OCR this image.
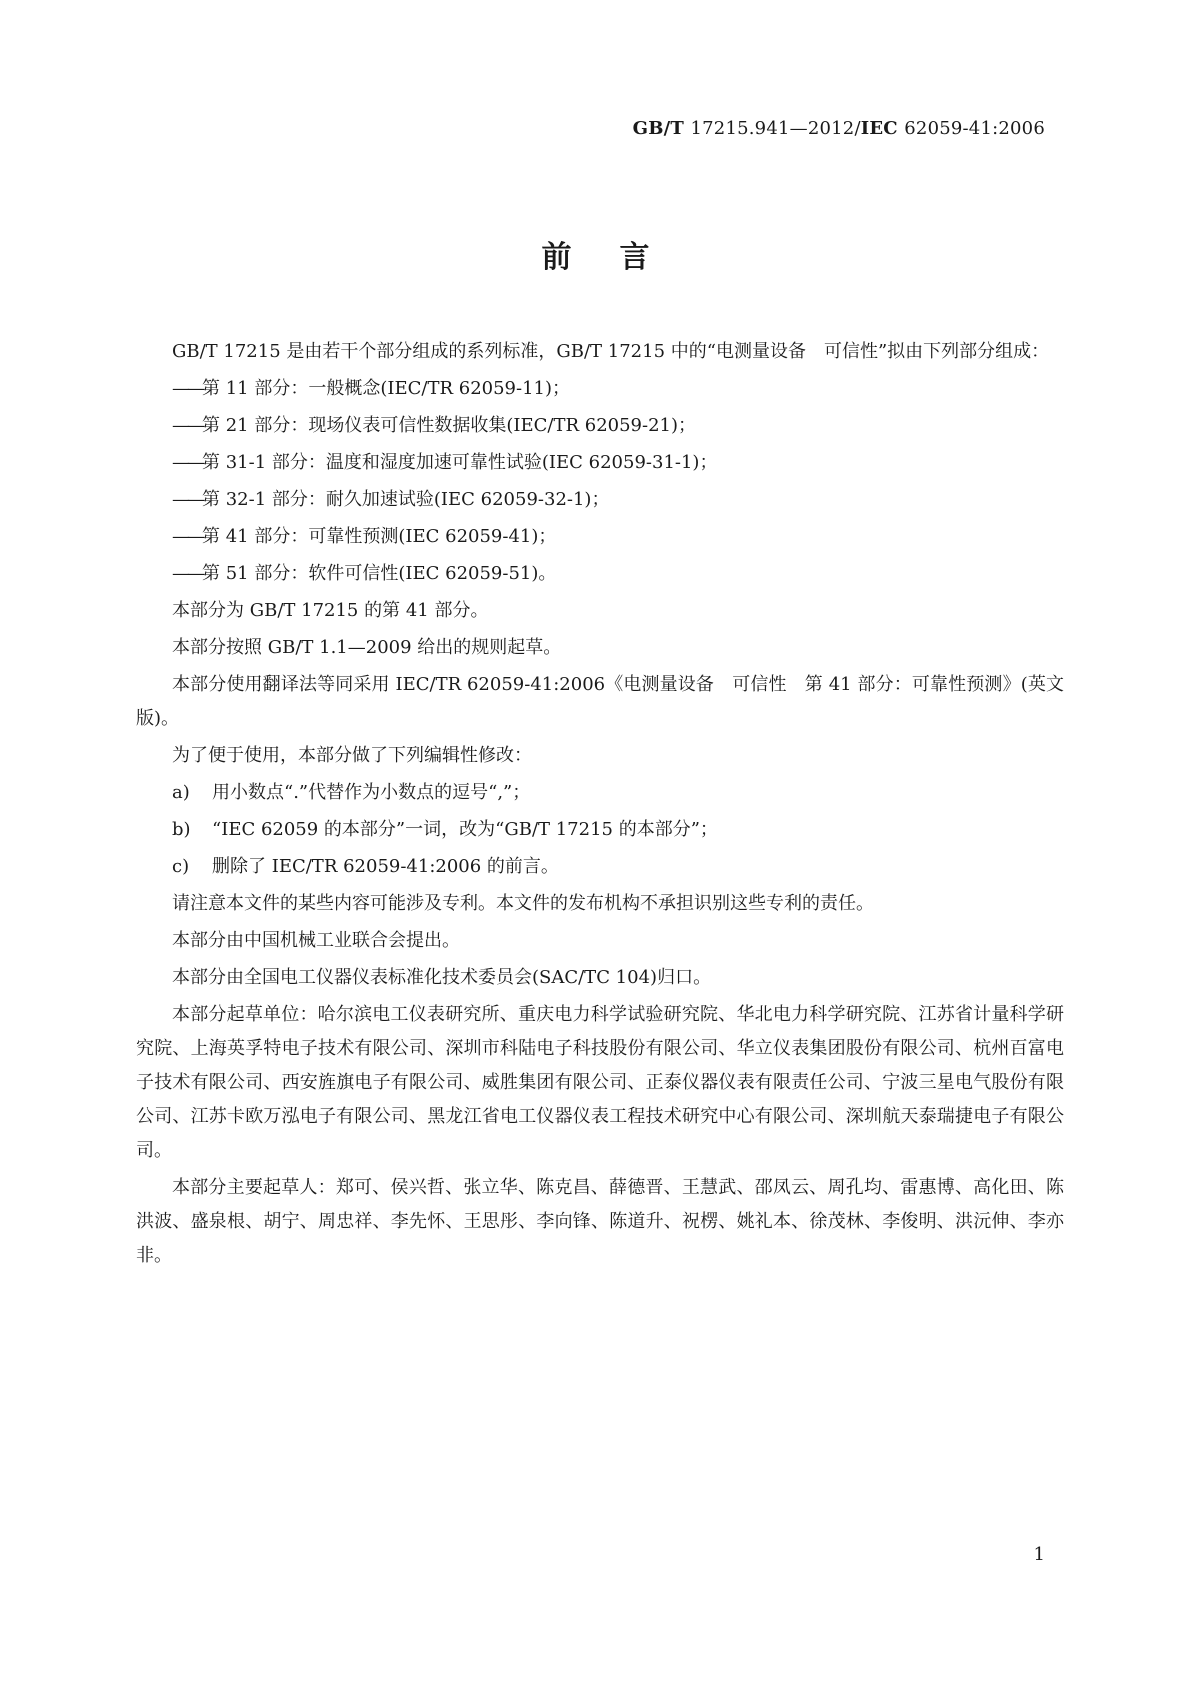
GB/T 17215.941—2012/IEC 62059-41:2006
前言

GB/T 17215 是由若干个部分组成的系列标准，GB/T 17215 中的“电测量设备　可信性”拟由下列部分组成：

——第 11 部分：一般概念(IEC/TR 62059-11)；
——第 21 部分：现场仪表可信性数据收集(IEC/TR 62059-21)；
——第 31-1 部分：温度和湿度加速可靠性试验(IEC 62059-31-1)；
——第 32-1 部分：耐久加速试验(IEC 62059-32-1)；
——第 41 部分：可靠性预测(IEC 62059-41)；
——第 51 部分：软件可信性(IEC 62059-51)。

本部分为 GB/T 17215 的第 41 部分。

本部分按照 GB/T 1.1—2009 给出的规则起草。

本部分使用翻译法等同采用 IEC/TR 62059-41:2006《电测量设备　可信性　第 41 部分：可靠性预测》(英文版)。

为了便于使用，本部分做了下列编辑性修改：

a) 用小数点“.”代替作为小数点的逗号“,”；
b) “IEC 62059 的本部分”一词，改为“GB/T 17215 的本部分”；
c) 删除了 IEC/TR 62059-41:2006 的前言。

请注意本文件的某些内容可能涉及专利。本文件的发布机构不承担识别这些专利的责任。

本部分由中国机械工业联合会提出。

本部分由全国电工仪器仪表标准化技术委员会(SAC/TC 104)归口。

本部分起草单位：哈尔滨电工仪表研究所、重庆电力科学试验研究院、华北电力科学研究院、江苏省计量科学研究院、上海英孚特电子技术有限公司、深圳市科陆电子科技股份有限公司、华立仪表集团股份有限公司、杭州百富电子技术有限公司、西安旌旗电子有限公司、威胜集团有限公司、正泰仪器仪表有限责任公司、宁波三星电气股份有限公司、江苏卡欧万泓电子有限公司、黑龙江省电工仪器仪表工程技术研究中心有限公司、深圳航天泰瑞捷电子有限公司。

本部分主要起草人：郑可、侯兴哲、张立华、陈克昌、薛德晋、王慧武、邵凤云、周孔均、雷惠博、高化田、陈洪波、盛泉根、胡宁、周忠祥、李先怀、王思彤、李向锋、陈道升、祝楞、姚礼本、徐茂林、李俊明、洪沅伸、李亦非。

1
